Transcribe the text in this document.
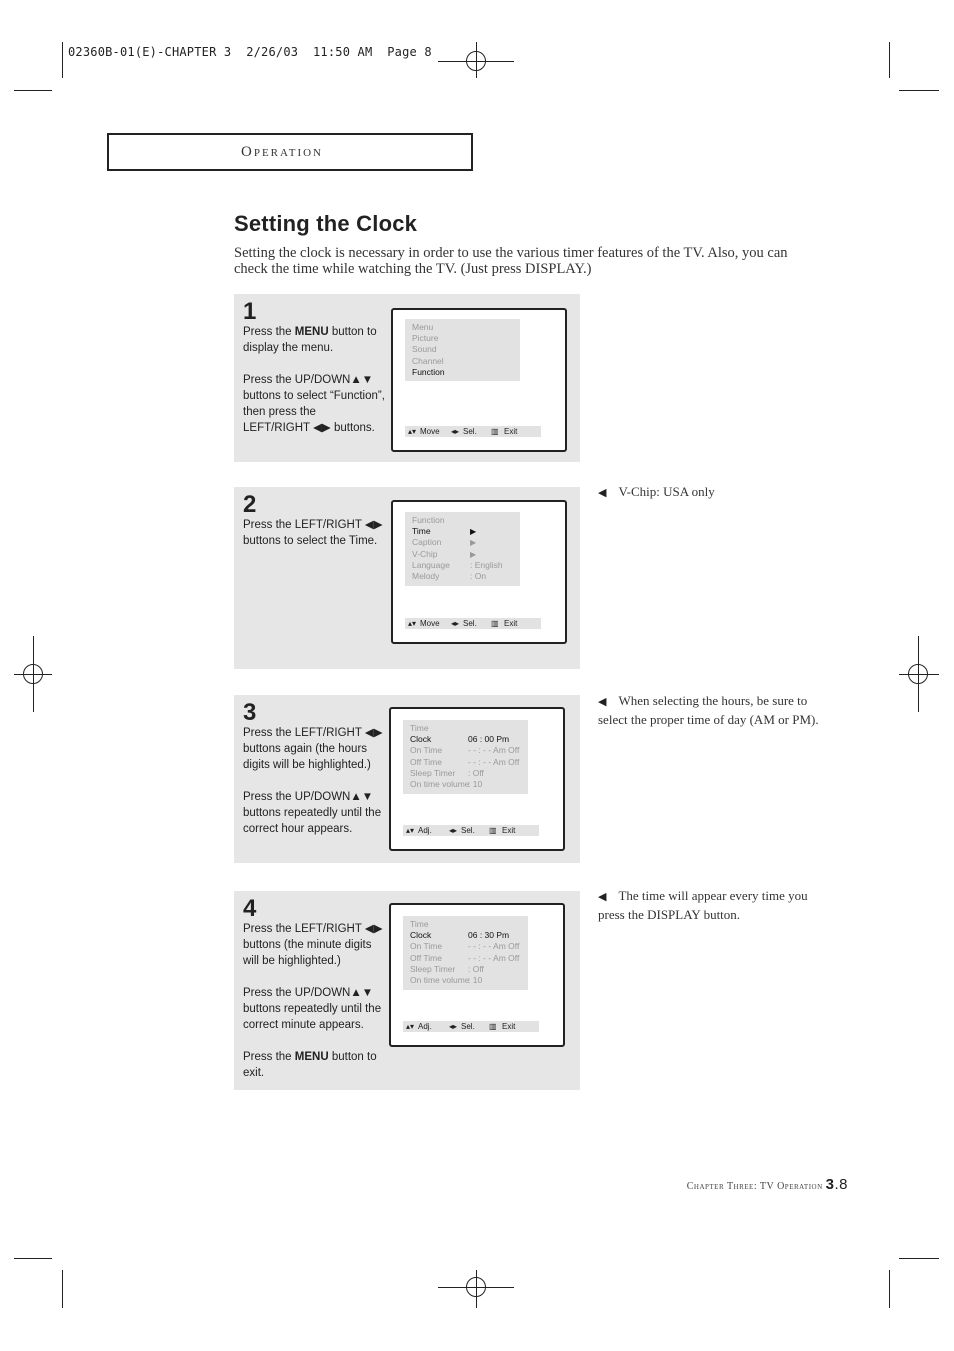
02360B-01(E)-CHAPTER 3  2/26/03  11:50 AM  Page 8
Operation
Setting the Clock
Setting the clock is necessary in order to use the various timer features of the TV. Also, you can check the time while watching the TV. (Just press DISPLAY.)
1

Press the MENU button to display the menu.

Press the UP/DOWN▲▼ buttons to select “Function”, then press the LEFT/RIGHT ◀▶ buttons.

Menu
Picture
Sound
Channel
Function
▴▾ Move ◂▸ Sel. ▥ Exit
2

Press the LEFT/RIGHT ◀▶ buttons to select the Time.

Function
Time	▶
Caption	▶
V-Chip	▶
Language : English
Melody	: On
▴▾ Move ◂▸ Sel. ▥ Exit
3

Press the LEFT/RIGHT ◀▶ buttons again (the hours digits will be highlighted.)

Press the UP/DOWN▲▼ buttons repeatedly until the correct hour appears.

Time
Clock	06 : 00 Pm
On Time	- - : - - Am Off
Off Time	- - : - - Am Off
Sleep Timer : Off
On time volume
: 10
▴▾ Adj. ◂▸ Sel. ▥ Exit
4

Press the LEFT/RIGHT ◀▶ buttons (the minute digits will be highlighted.)

Press the UP/DOWN▲▼ buttons repeatedly until the correct minute appears.

Press the MENU button to exit.

Time
Clock	06 : 30 Pm
On Time	- - : - - Am Off
Off Time	- - : - - Am Off
Sleep Timer : Off
On time volume
: 10
▴▾ Adj. ◂▸ Sel. ▥ Exit
◀ V-Chip: USA only
◀ When selecting the hours, be sure to select the proper time of day (AM or PM).
◀ The time will appear every time you press the DISPLAY button.
Chapter Three: TV Operation 3.8
